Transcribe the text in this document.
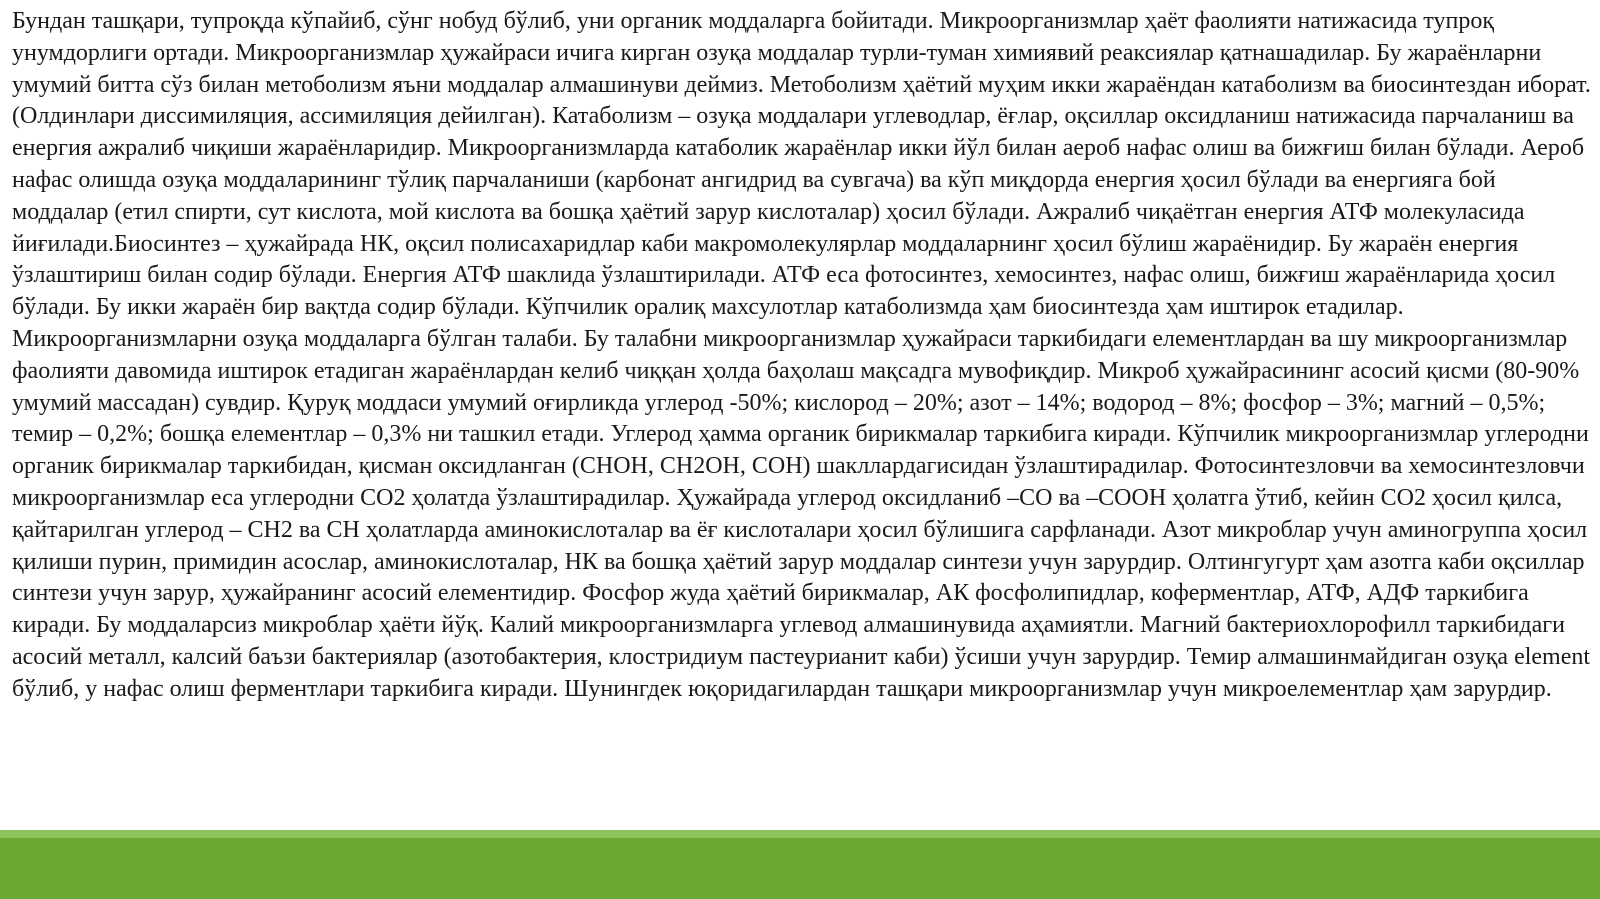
Бундан ташқари, тупроқда кўпайиб, сўнг нобуд бўлиб, уни органик моддаларга бойитади. Микроорганизмлар ҳаёт фаолияти натижасида тупроқ унумдорлиги ортади. Микроорганизмлар ҳужайраси ичига кирган озуқа моддалар турли-туман химиявий реаксиялар қатнашадилар. Бу жараёнларни умумий битта сўз билан метоболизм яъни моддалар алмашинуви деймиз. Метоболизм ҳаётий муҳим икки жараёндан катаболизм ва биосинтездан иборат. (Олдинлари диссимиляция, ассимиляция дейилган). Катаболизм – озуқа моддалари углеводлар, ёғлар, оқсиллар оксидланиш натижасида парчаланиш ва енергия ажралиб чиқиши жараёнларидир. Микроорганизмларда катаболик жараёнлар икки йўл билан аероб нафас олиш ва бижғиш билан бўлади. Аероб нафас олишда озуқа моддаларининг тўлиқ парчаланиши (карбонат ангидрид ва сувгача) ва кўп миқдорда енергия ҳосил бўлади ва енергияга бой моддалар (етил спирти, сут кислота, мой кислота ва бошқа ҳаётий зарур кислоталар) ҳосил бўлади. Ажралиб чиқаётган енергия АТФ молекуласида йиғилади.Биосинтез – ҳужайрада НК, оқсил полисахаридлар каби макромолекулярлар моддаларнинг ҳосил бўлиш жараёнидир. Бу жараён енергия ўзлаштириш билан содир бўлади. Енергия АТФ шаклида ўзлаштирилади. АТФ еса фотосинтез, хемосинтез, нафас олиш, бижғиш жараёнларида ҳосил бўлади. Бу икки жараён бир вақтда содир бўлади. Кўпчилик оралиқ махсулотлар катаболизмда ҳам биосинтезда ҳам иштирок етадилар. Микроорганизмларни озуқа моддаларга бўлган талаби. Бу талабни микроорганизмлар ҳужайраси таркибидаги елементлардан ва шу микроорганизмлар фаолияти давомида иштирок етадиган жараёнлардан келиб чиққан ҳолда баҳолаш мақсадга мувофиқдир. Микроб ҳужайрасининг асосий қисми (80-90% умумий массадан) сувдир. Қуруқ моддаси умумий оғирликда углерод -50%; кислород – 20%; азот – 14%; водород – 8%; фосфор – 3%; магний – 0,5%; темир – 0,2%; бошқа елементлар – 0,3% ни ташкил етади. Углерод ҳамма органик бирикмалар таркибига киради. Кўпчилик микроорганизмлар углеродни органик бирикмалар таркибидан, қисман оксидланган (CHOH, CH2OH, COH) шакллардагисидан ўзлаштирадилар. Фотосинтезловчи ва хемосинтезловчи микроорганизмлар еса углеродни CO2 ҳолатда ўзлаштирадилар. Ҳужайрада углерод оксидланиб –CO ва –COOH ҳолатга ўтиб, кейин CO2 ҳосил қилса, қайтарилган углерод – CH2 ва CH ҳолатларда аминокислоталар ва ёғ кислоталари ҳосил бўлишига сарфланади. Азот микроблар учун аминогруппа ҳосил қилиши пурин, примидин асослар, аминокислоталар, НК ва бошқа ҳаётий зарур моддалар синтези учун зарурдир. Олтингугурт ҳам азотга каби оқсиллар синтези учун зарур, ҳужайранинг асосий елементидир. Фосфор жуда ҳаётий бирикмалар, АК фосфолипидлар, коферментлар, АТФ, АДФ таркибига киради. Бу моддаларсиз микроблар ҳаёти йўқ. Калий микроорганизмларга углевод алмашинувида аҳамиятли. Магний бактериохлорофилл таркибидаги асосий металл, калсий баъзи бактериялар (азотобактерия, клостридиум пастеурианит каби) ўсиши учун зарурдир. Темир алмашинмайдиган озуқа element бўлиб, у нафас олиш ферментлари таркибига киради. Шунингдек юқоридагилардан ташқари микроорганизмлар учун микроелементлар ҳам зарурдир.
